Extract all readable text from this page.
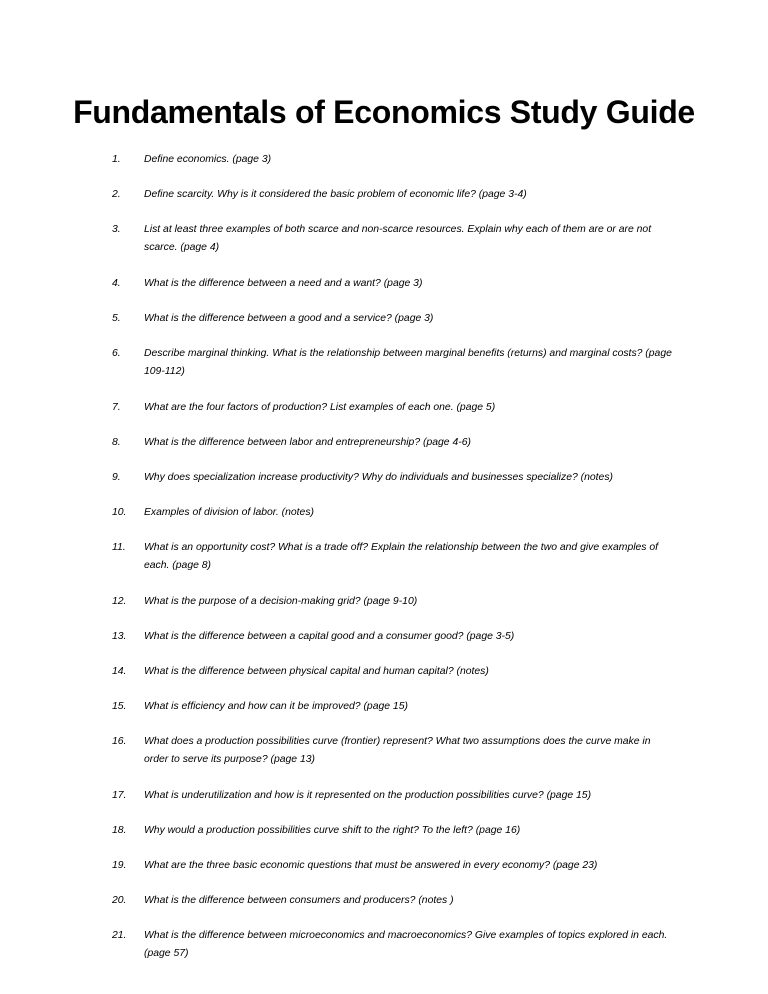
Fundamentals of Economics Study Guide
1. Define economics. (page 3)
2. Define scarcity. Why is it considered the basic problem of economic life? (page 3-4)
3. List at least three examples of both scarce and non-scarce resources. Explain why each of them are or are not scarce. (page 4)
4. What is the difference between a need and a want? (page 3)
5. What is the difference between a good and a service? (page 3)
6. Describe marginal thinking. What is the relationship between marginal benefits (returns) and marginal costs? (page 109-112)
7. What are the four factors of production? List examples of each one. (page 5)
8. What is the difference between labor and entrepreneurship? (page 4-6)
9. Why does specialization increase productivity? Why do individuals and businesses specialize? (notes)
10. Examples of division of labor. (notes)
11. What is an opportunity cost? What is a trade off? Explain the relationship between the two and give examples of each. (page 8)
12. What is the purpose of a decision-making grid? (page 9-10)
13. What is the difference between a capital good and a consumer good? (page 3-5)
14. What is the difference between physical capital and human capital? (notes)
15. What is efficiency and how can it be improved? (page 15)
16. What does a production possibilities curve (frontier) represent? What two assumptions does the curve make in order to serve its purpose? (page 13)
17. What is underutilization and how is it represented on the production possibilities curve? (page 15)
18. Why would a production possibilities curve shift to the right? To the left? (page 16)
19. What are the three basic economic questions that must be answered in every economy? (page 23)
20. What is the difference between consumers and producers? (notes )
21. What is the difference between microeconomics and macroeconomics? Give examples of topics explored in each. (page 57)
